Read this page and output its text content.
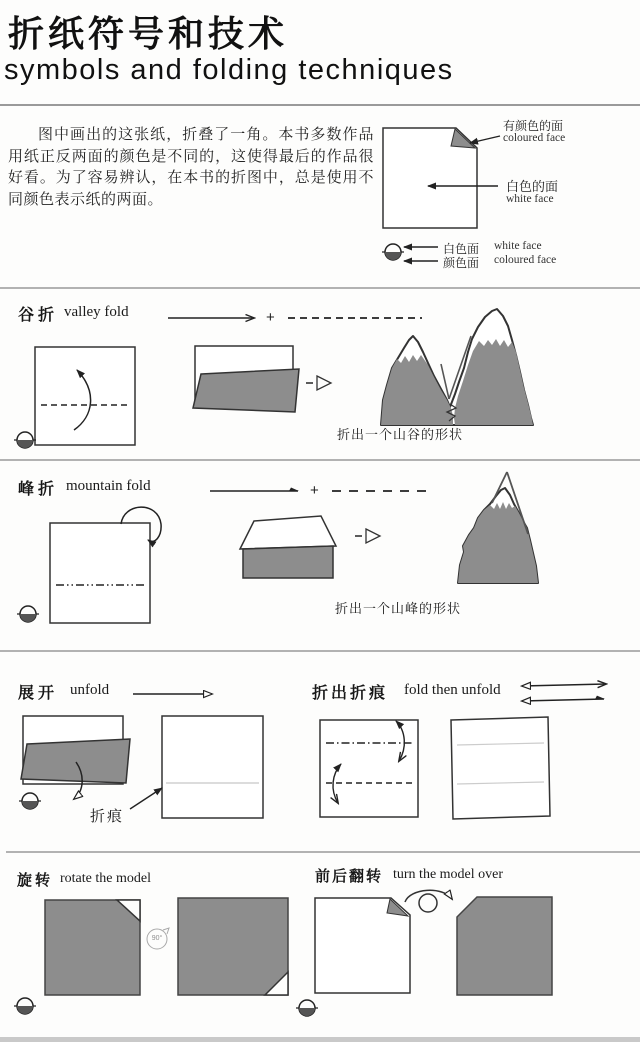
折纸符号和技术
symbols and folding techniques
图中画出的这张纸，折叠了一角。本书多数作品用纸正反两面的颜色是不同的，这使得最后的作品很好看。为了容易辨认，在本书的折图中，总是使用不同颜色表示纸的两面。
有颜色的面
coloured face
白色的面
white face
白色面 white face
颜色面 coloured face
谷折 valley fold	+
折出一个山谷的形状
峰折 mountain fold	+
折出一个山峰的形状
展开 unfold
折痕
折出折痕 fold then unfold
旋转 rotate the model
90°
前后翻转 turn the model over
